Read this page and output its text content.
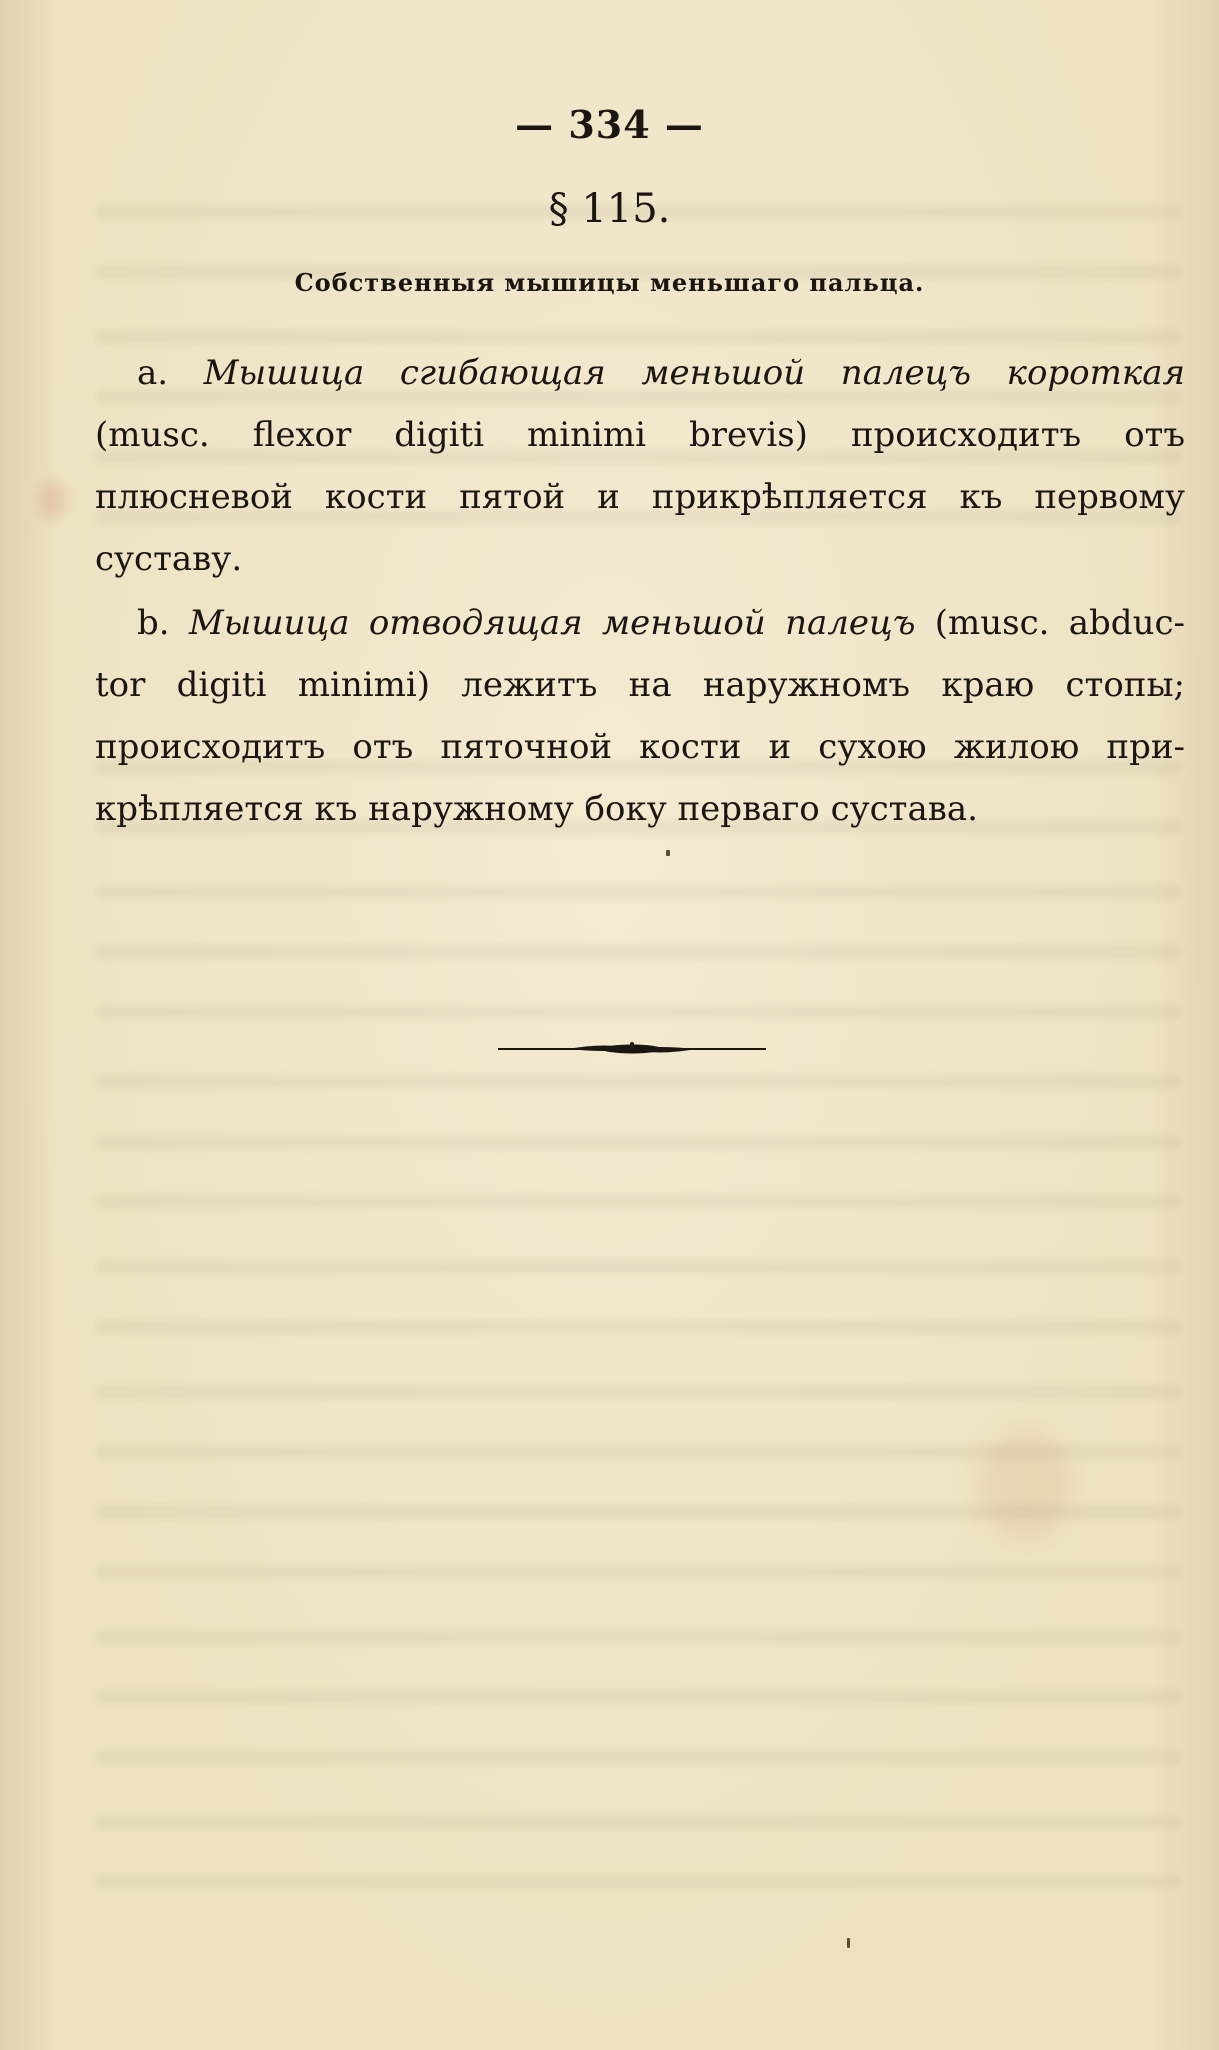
— 334 —
§ 115.
Собственныя мышицы меньшаго пальца.
a. Мышица сгибающая меньшой палецъ короткая
(musc. flexor digiti minimi brevis) происходитъ отъ
плюсневой кости пятой и прикрѣпляется къ первому
суставу.
b. Мышица отводящая меньшой палецъ (musc. abduc-
tor digiti minimi) лежитъ на наружномъ краю стопы;
происходитъ отъ пяточной кости и сухою жилою при-
крѣпляется къ наружному боку перваго сустава.
